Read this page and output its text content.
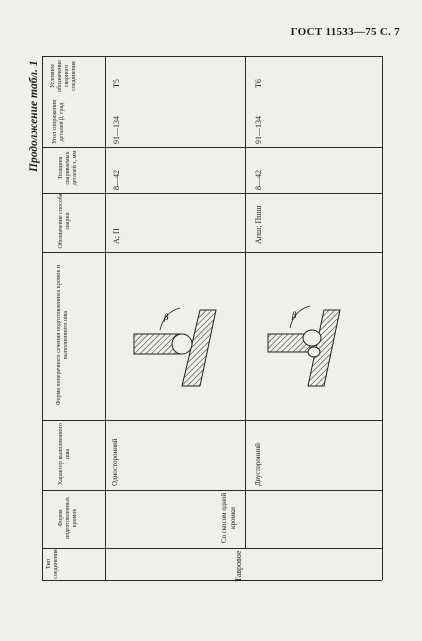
ГОСТ 11533—75 С. 7
Продолжение табл. 1
Тип соединения
Форма подготовленных кромок
Характер выполненного шва
Форма поперечного сечения подготовленных кромок и выполненного шва
Обозначение способа сварки
Толщина свариваемых деталей s, мм
Угол сопряжения деталей β, град
Условное обозначение сварного соединения
Тавровое
Со скосом одной кромки
Односторонний
А; П
8—42
91—134
Т5
Двусторонний
Апш; Пшш
8—42
91—134
Т6
β	β
